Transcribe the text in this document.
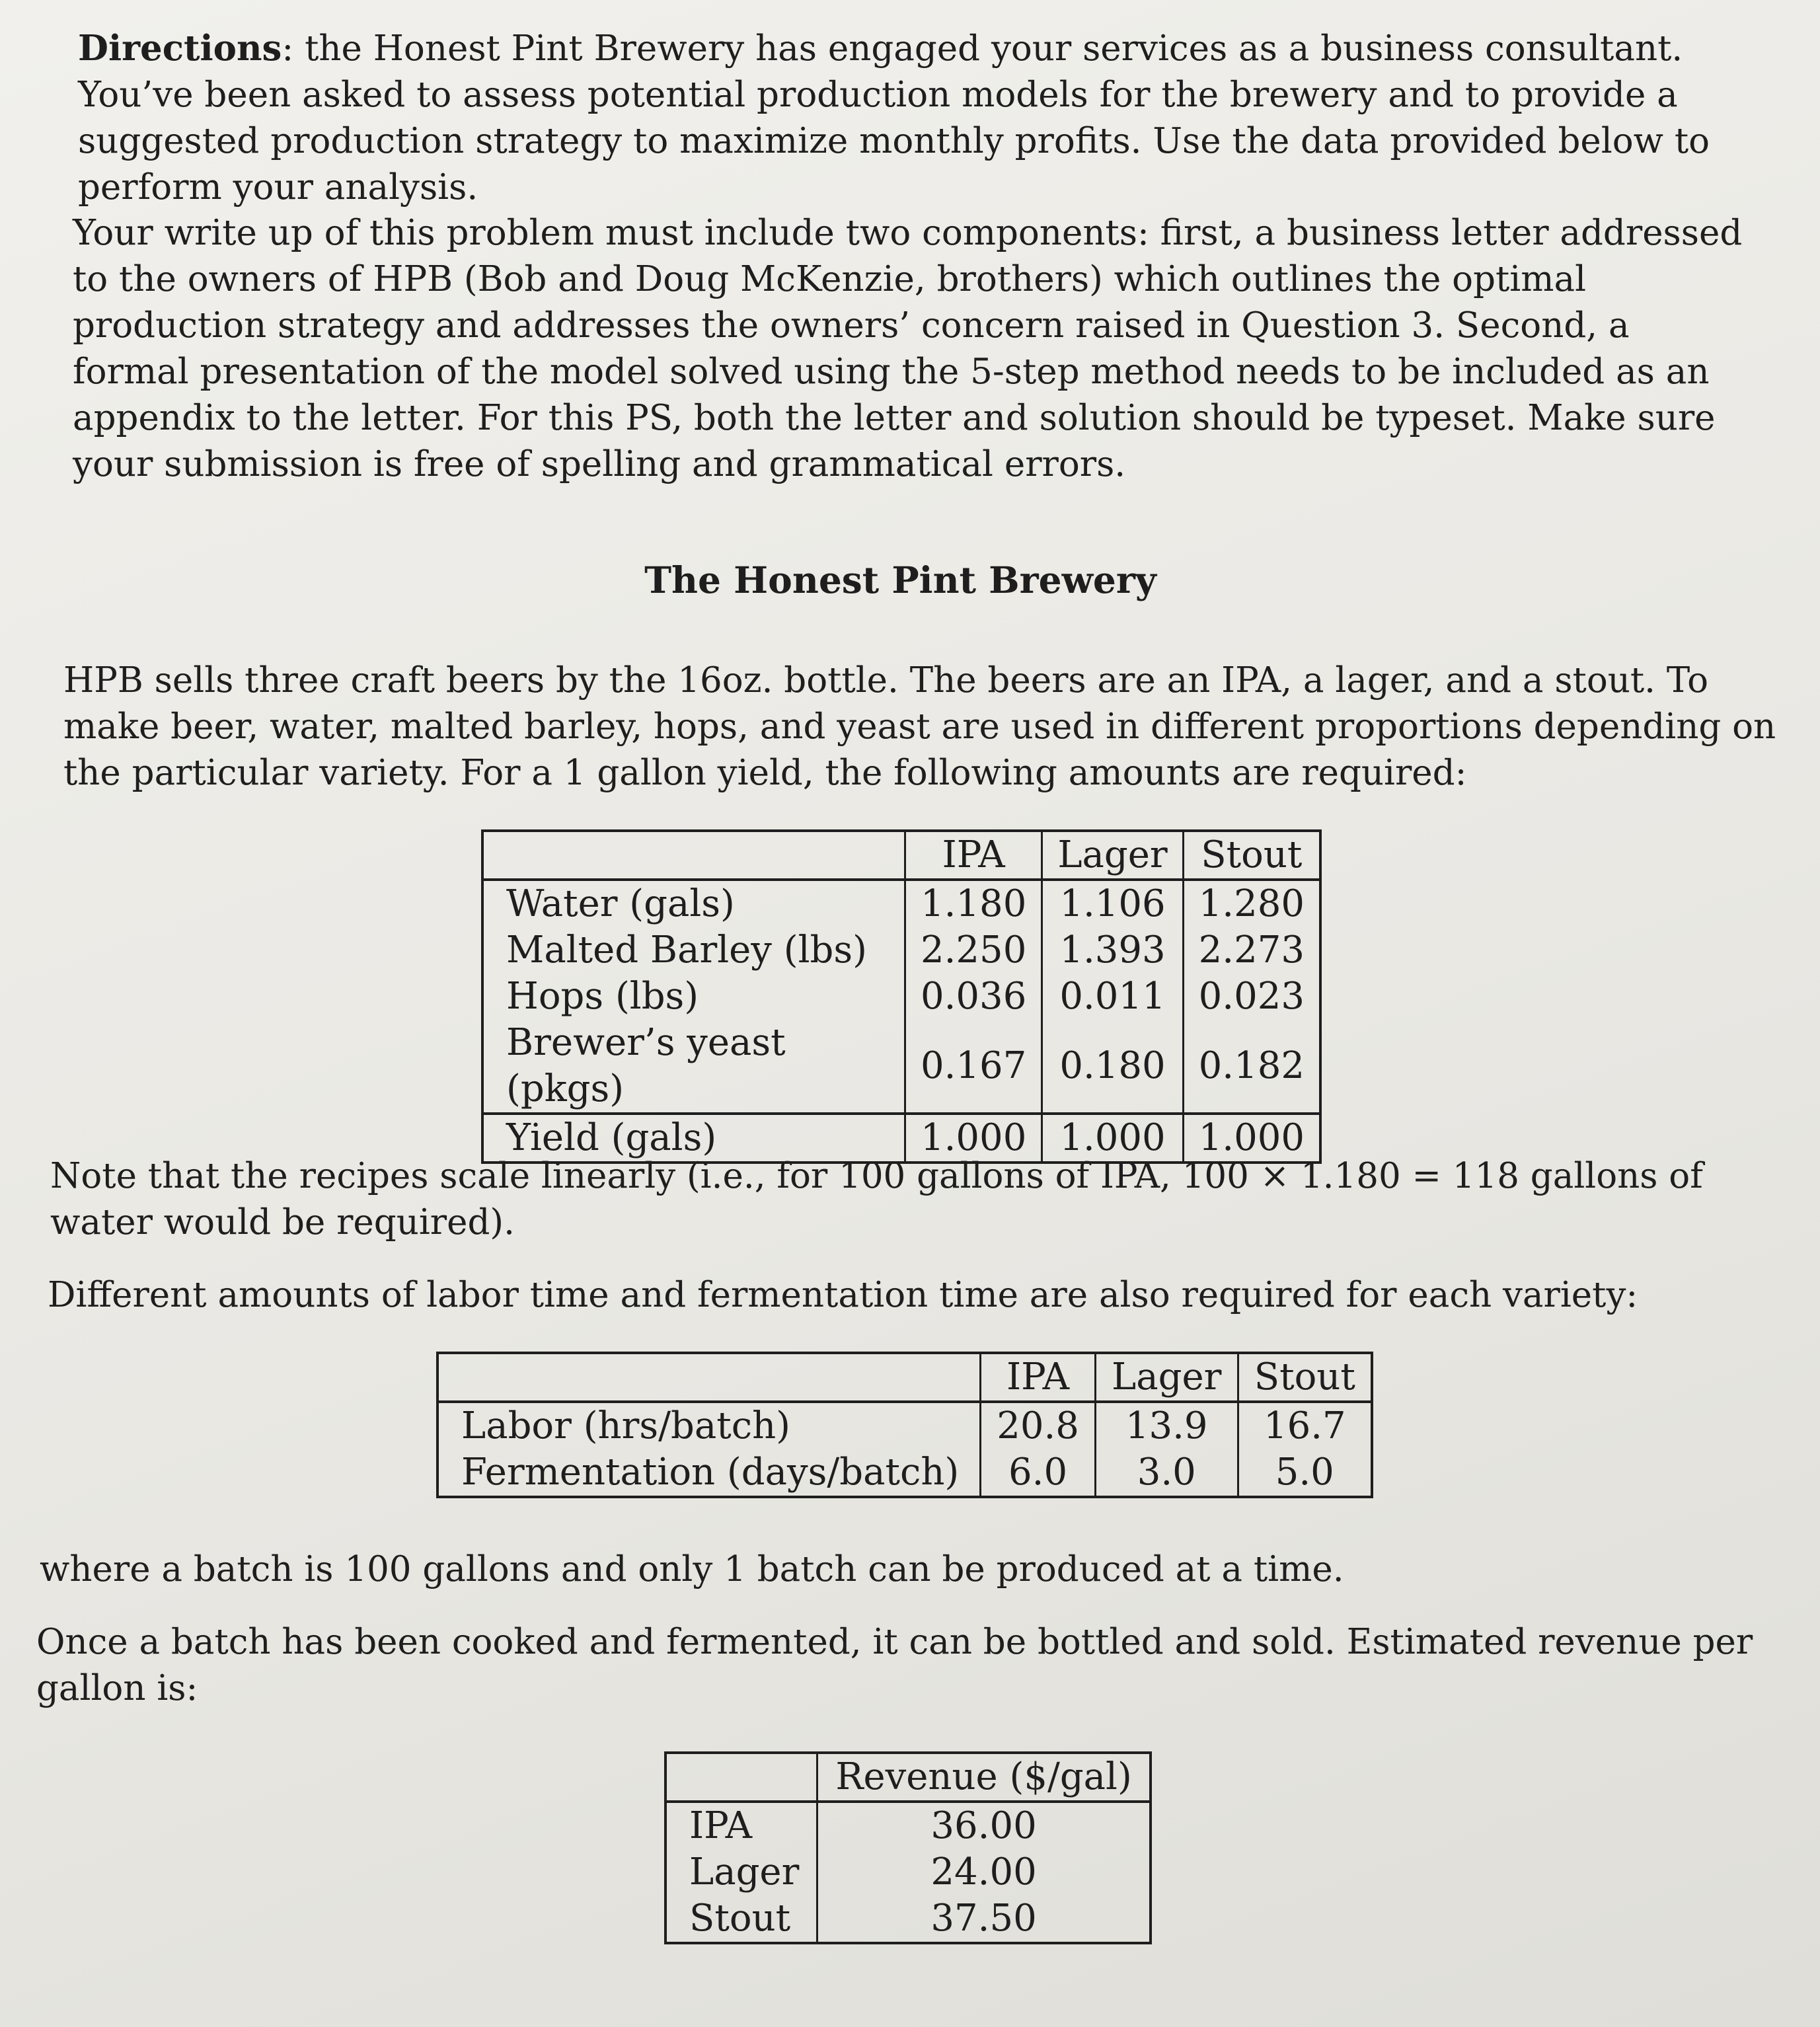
Directions: the Honest Pint Brewery has engaged your services as a business consultant. You’ve been asked to assess potential production models for the brewery and to provide a suggested production strategy to maximize monthly profits. Use the data provided below to perform your analysis.

Your write up of this problem must include two components: first, a business letter addressed to the owners of HPB (Bob and Doug McKenzie, brothers) which outlines the optimal production strategy and addresses the owners’ concern raised in Question 3. Second, a formal presentation of the model solved using the 5-step method needs to be included as an appendix to the letter. For this PS, both the letter and solution should be typeset. Make sure your submission is free of spelling and grammatical errors.

The Honest Pint Brewery

HPB sells three craft beers by the 16oz. bottle. The beers are an IPA, a lager, and a stout. To make beer, water, malted barley, hops, and yeast are used in different proportions depending on the particular variety. For a 1 gallon yield, the following amounts are required:

	IPA	Lager	Stout
Water (gals)	1.180	1.106	1.280
Malted Barley (lbs)	2.250	1.393	2.273
Hops (lbs)	0.036	0.011	0.023
Brewer’s yeast (pkgs)	0.167	0.180	0.182
Yield (gals)	1.000	1.000	1.000

Note that the recipes scale linearly (i.e., for 100 gallons of IPA, 100 × 1.180 = 118 gallons of water would be required).

Different amounts of labor time and fermentation time are also required for each variety:

	IPA	Lager	Stout
Labor (hrs/batch)	20.8	13.9	16.7
Fermentation (days/batch)	6.0	3.0	5.0

where a batch is 100 gallons and only 1 batch can be produced at a time.

Once a batch has been cooked and fermented, it can be bottled and sold. Estimated revenue per gallon is:

	Revenue ($/gal)
IPA	36.00
Lager	24.00
Stout	37.50
